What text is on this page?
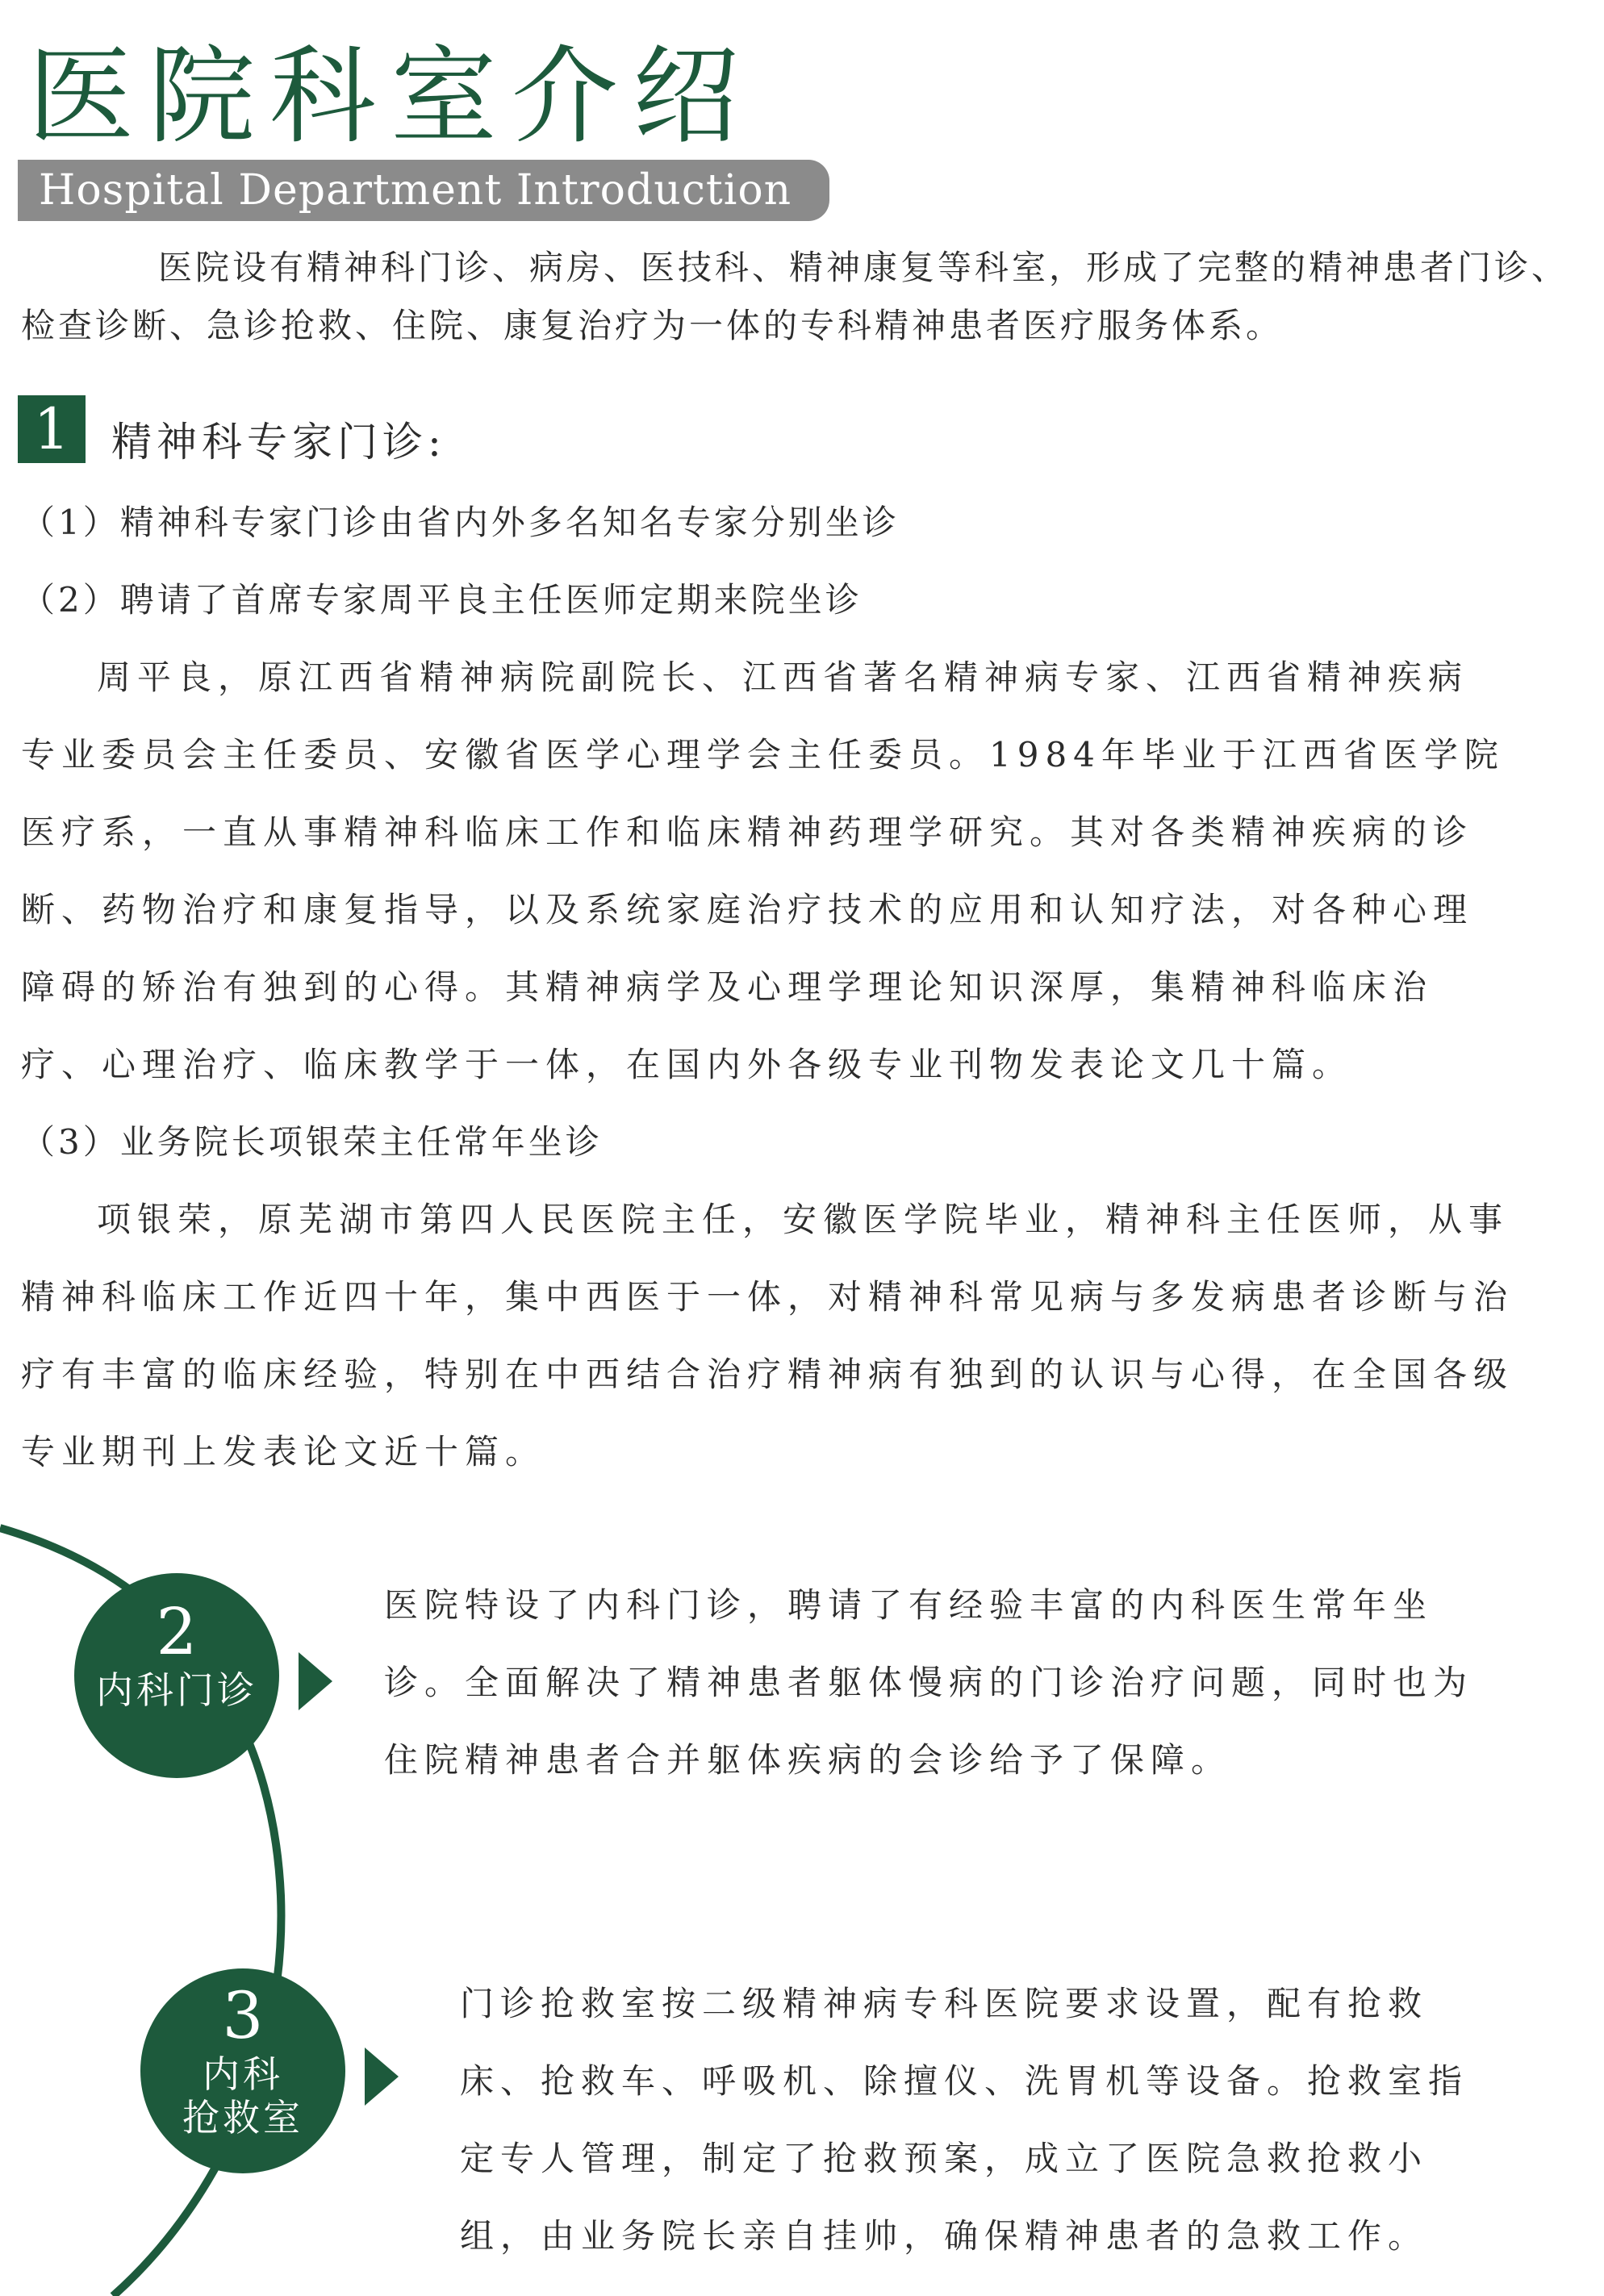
医院科室介绍
Hospital Department Introduction

医院设有精神科门诊、病房、医技科、精神康复等科室，形成了完整的精神患者门诊、检查诊断、急诊抢救、住院、康复治疗为一体的专科精神患者医疗服务体系。

1	精神科专家门诊:
（1）精神科专家门诊由省内外多名知名专家分别坐诊
（2）聘请了首席专家周平良主任医师定期来院坐诊
周平良，原江西省精神病院副院长、江西省著名精神病专家、江西省精神疾病
专业委员会主任委员、安徽省医学心理学会主任委员。1984年毕业于江西省医学院
医疗系，一直从事精神科临床工作和临床精神药理学研究。其对各类精神疾病的诊
断、药物治疗和康复指导，以及系统家庭治疗技术的应用和认知疗法，对各种心理
障碍的矫治有独到的心得。其精神病学及心理学理论知识深厚，集精神科临床治
疗、心理治疗、临床教学于一体，在国内外各级专业刊物发表论文几十篇。
（3）业务院长项银荣主任常年坐诊
项银荣，原芜湖市第四人民医院主任，安徽医学院毕业，精神科主任医师，从事
精神科临床工作近四十年，集中西医于一体，对精神科常见病与多发病患者诊断与治
疗有丰富的临床经验，特别在中西结合治疗精神病有独到的认识与心得，在全国各级
专业期刊上发表论文近十篇。
2
内科门诊
医院特设了内科门诊，聘请了有经验丰富的内科医生常年坐
诊。全面解决了精神患者躯体慢病的门诊治疗问题，同时也为
住院精神患者合并躯体疾病的会诊给予了保障。
3
内科
抢救室
门诊抢救室按二级精神病专科医院要求设置，配有抢救
床、抢救车、呼吸机、除擅仪、洗胃机等设备。抢救室指
定专人管理，制定了抢救预案，成立了医院急救抢救小
组，由业务院长亲自挂帅，确保精神患者的急救工作。
